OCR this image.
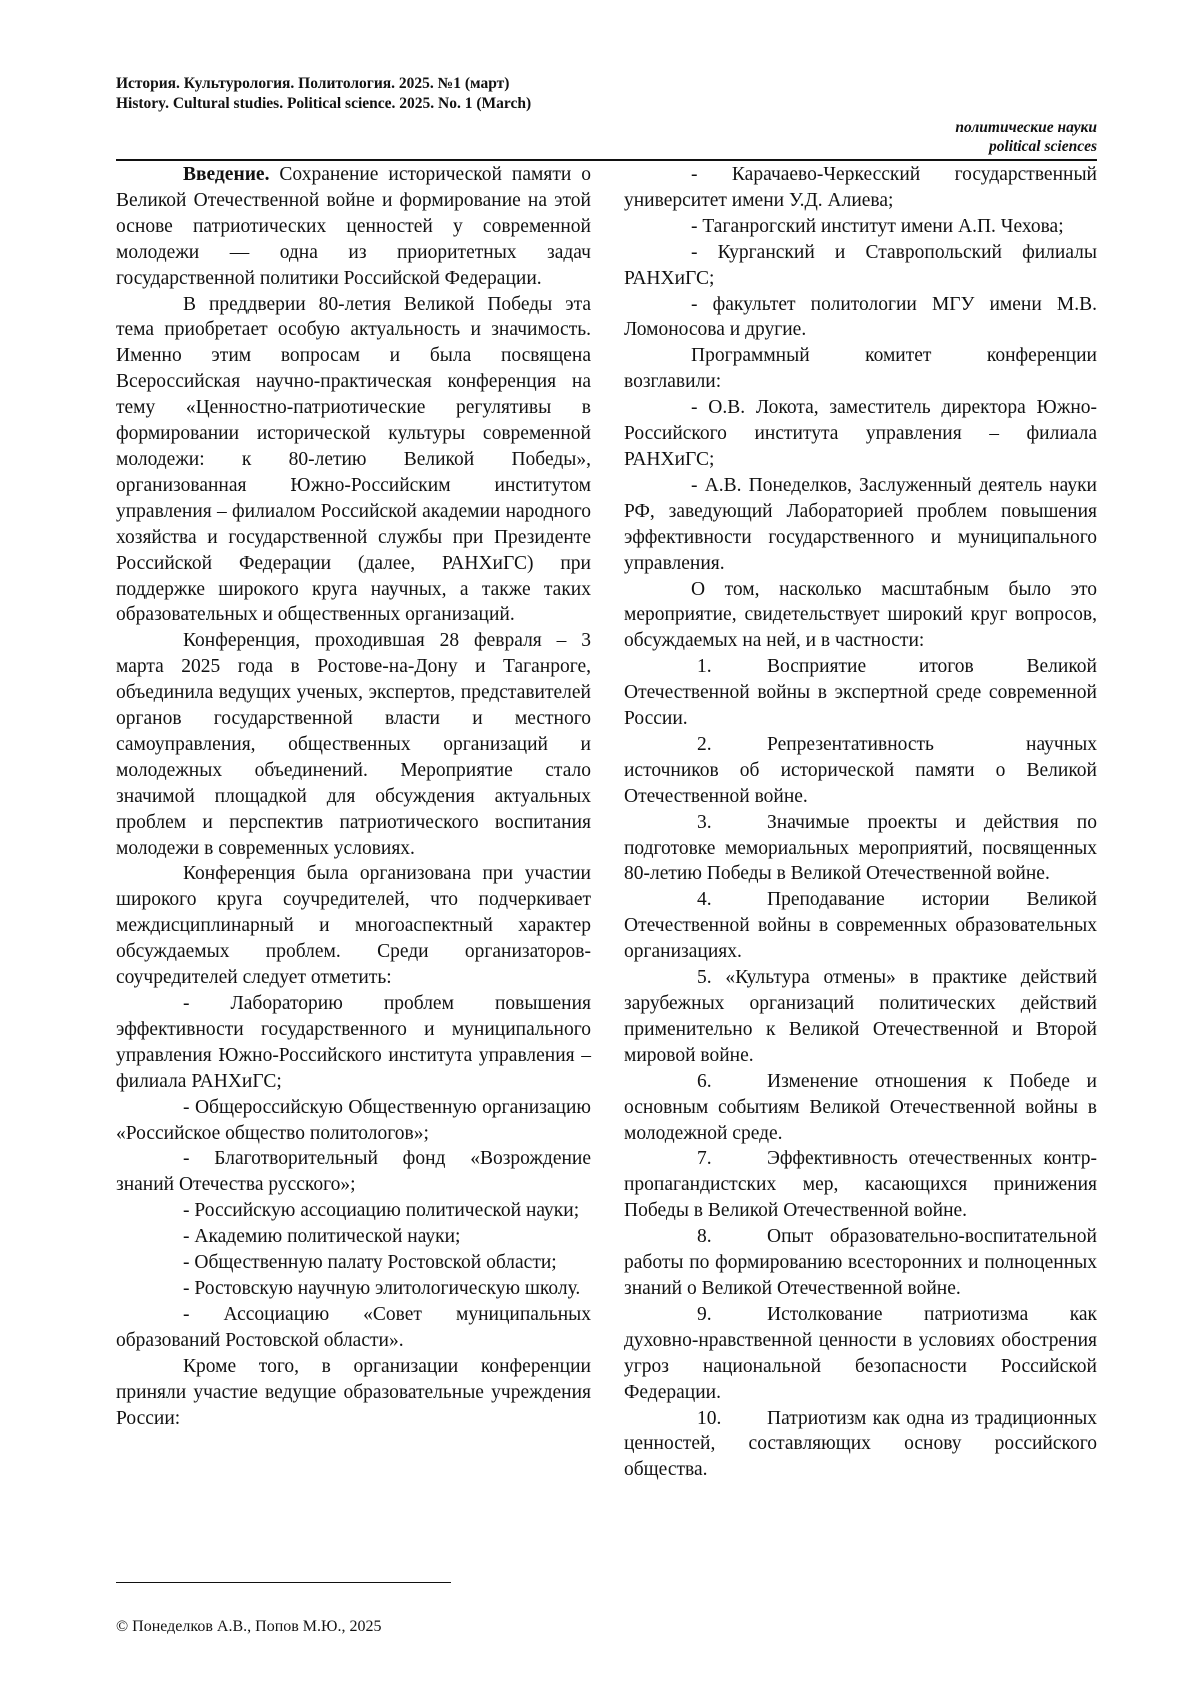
История. Культурология. Политология. 2025. №1 (март)
History. Cultural studies. Political science. 2025. No. 1 (March)
политические науки
political sciences

Введение. Сохранение исторической памяти о Великой Отечественной войне и формирование на этой основе патриотических ценностей у современной молодежи — одна из приоритетных задач государственной политики Российской Федерации.

В преддверии 80-летия Великой Победы эта тема приобретает особую актуальность и значимость. Именно этим вопросам и была посвящена Всероссийская научно-практическая конференция на тему «Ценностно-патриотические регулятивы в формировании исторической культуры современной молодежи: к 80-летию Великой Победы», организованная Южно-Российским институтом управления – филиалом Российской академии народного хозяйства и государственной службы при Президенте Российской Федерации (далее, РАНХиГС) при поддержке широкого круга научных, а также таких образовательных и общественных организаций.

Конференция, проходившая 28 февраля – 3 марта 2025 года в Ростове-на-Дону и Таганроге, объединила ведущих ученых, экспертов, представителей органов государственной власти и местного самоуправления, общественных организаций и молодежных объединений. Мероприятие стало значимой площадкой для обсуждения актуальных проблем и перспектив патриотического воспитания молодежи в современных условиях.

Конференция была организована при участии широкого круга соучредителей, что подчеркивает междисциплинарный и многоаспектный характер обсуждаемых проблем. Среди организаторов-соучредителей следует отметить:

- Лабораторию проблем повышения эффективности государственного и муниципального управления Южно-Российского института управления – филиала РАНХиГС;

- Общероссийскую Общественную организацию «Российское общество политологов»;

- Благотворительный фонд «Возрождение знаний Отечества русского»;

- Российскую ассоциацию политической науки;

- Академию политической науки;

- Общественную палату Ростовской области;

- Ростовскую научную элитологическую школу.

- Ассоциацию «Совет муниципальных образований Ростовской области».

Кроме того, в организации конференции приняли участие ведущие образовательные учреждения России:

- Карачаево-Черкесский государственный университет имени У.Д. Алиева;

- Таганрогский институт имени А.П. Чехова;

- Курганский и Ставропольский филиалы РАНХиГС;

- факультет политологии МГУ имени М.В. Ломоносова и другие.

Программный комитет конференции возглавили:

- О.В. Локота, заместитель директора Южно-Российского института управления – филиала РАНХиГС;

- А.В. Понеделков, Заслуженный деятель науки РФ, заведующий Лабораторией проблем повышения эффективности государственного и муниципального управления.

О том, насколько масштабным было это мероприятие, свидетельствует широкий круг вопросов, обсуждаемых на ней, и в частности:

1.	Восприятие итогов Великой Отечественной войны в экспертной среде современной России.

2.	Репрезентативность научных источников об исторической памяти о Великой Отечественной войне.

3.	Значимые проекты и действия по подготовке мемориальных мероприятий, посвященных 80-летию Победы в Великой Отечественной войне.

4.	Преподавание истории Великой Отечественной войны в современных образовательных организациях.

5. «Культура отмены» в практике действий зарубежных организаций политических действий применительно к Великой Отечественной и Второй мировой войне.

6.	Изменение отношения к Победе и основным событиям Великой Отечественной войны в молодежной среде.

7.	Эффективность отечественных контр-пропагандистских мер, касающихся принижения Победы в Великой Отечественной войне.

8.	Опыт образовательно-воспитательной работы по формированию всесторонних и полноценных знаний о Великой Отечественной войне.

9.	Истолкование патриотизма как духовно-нравственной ценности в условиях обострения угроз национальной безопасности Российской Федерации.

10. Патриотизм как одна из традиционных ценностей, составляющих основу российского общества.

© Понеделков А.В., Попов М.Ю., 2025
